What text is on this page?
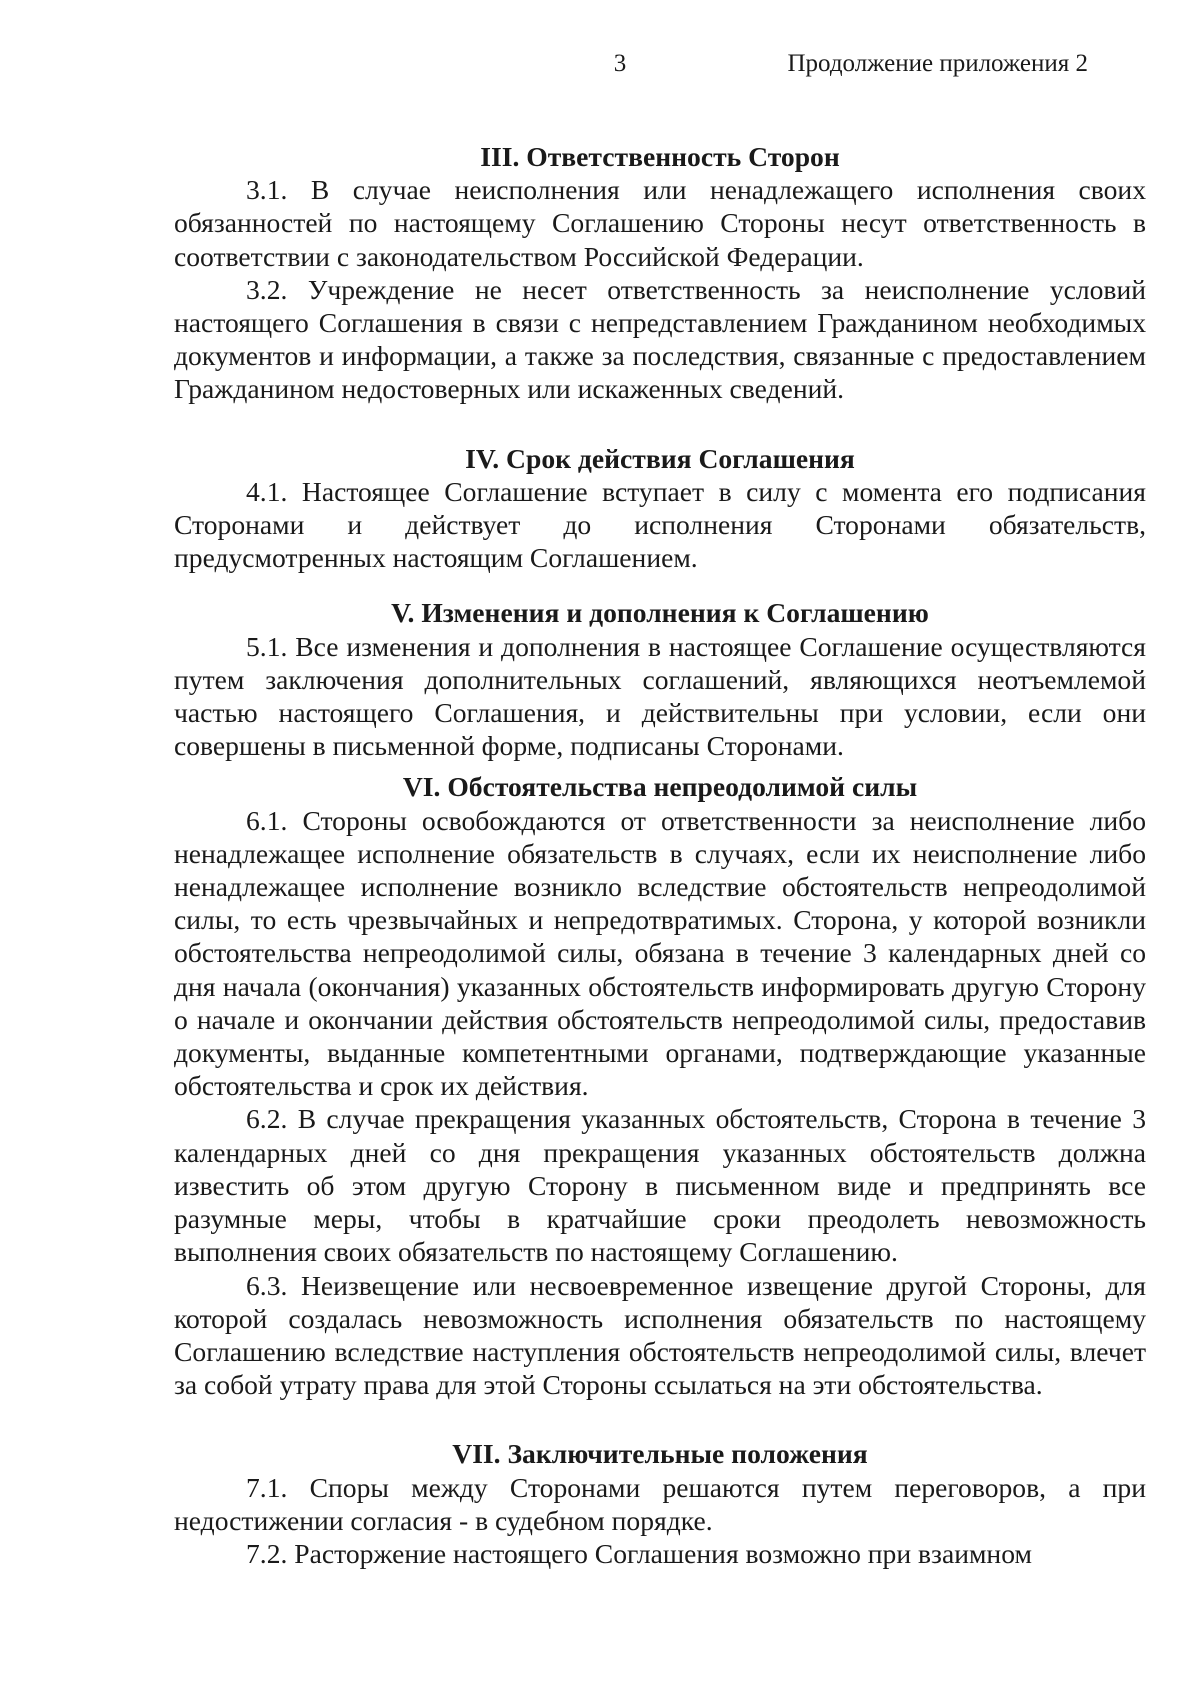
3	Продолжение приложения 2

III. Ответственность Сторон

3.1. В случае неисполнения или ненадлежащего исполнения своих обязанностей по настоящему Соглашению Стороны несут ответственность в соответствии с законодательством Российской Федерации.

3.2. Учреждение не несет ответственность за неисполнение условий настоящего Соглашения в связи с непредставлением Гражданином необходимых документов и информации, а также за последствия, связанные с предоставлением Гражданином недостоверных или искаженных сведений.

IV. Срок действия Соглашения

4.1. Настоящее Соглашение вступает в силу с момента его подписания Сторонами и действует до исполнения Сторонами обязательств, предусмотренных настоящим Соглашением.

V. Изменения и дополнения к Соглашению

5.1. Все изменения и дополнения в настоящее Соглашение осуществляются путем заключения дополнительных соглашений, являющихся неотъемлемой частью настоящего Соглашения, и действительны при условии, если они совершены в письменной форме, подписаны Сторонами.

VI. Обстоятельства непреодолимой силы

6.1. Стороны освобождаются от ответственности за неисполнение либо ненадлежащее исполнение обязательств в случаях, если их неисполнение либо ненадлежащее исполнение возникло вследствие обстоятельств непреодолимой силы, то есть чрезвычайных и непредотвратимых. Сторона, у которой возникли обстоятельства непреодолимой силы, обязана в течение 3 календарных дней со дня начала (окончания) указанных обстоятельств информировать другую Сторону о начале и окончании действия обстоятельств непреодолимой силы, предоставив документы, выданные компетентными органами, подтверждающие указанные обстоятельства и срок их действия.

6.2. В случае прекращения указанных обстоятельств, Сторона в течение 3 календарных дней со дня прекращения указанных обстоятельств должна известить об этом другую Сторону в письменном виде и предпринять все разумные меры, чтобы в кратчайшие сроки преодолеть невозможность выполнения своих обязательств по настоящему Соглашению.

6.3. Неизвещение или несвоевременное извещение другой Стороны, для которой создалась невозможность исполнения обязательств по настоящему Соглашению вследствие наступления обстоятельств непреодолимой силы, влечет за собой утрату права для этой Стороны ссылаться на эти обстоятельства.

VII. Заключительные положения

7.1. Споры между Сторонами решаются путем переговоров, а при недостижении согласия - в судебном порядке.

7.2. Расторжение настоящего Соглашения возможно при взаимном
